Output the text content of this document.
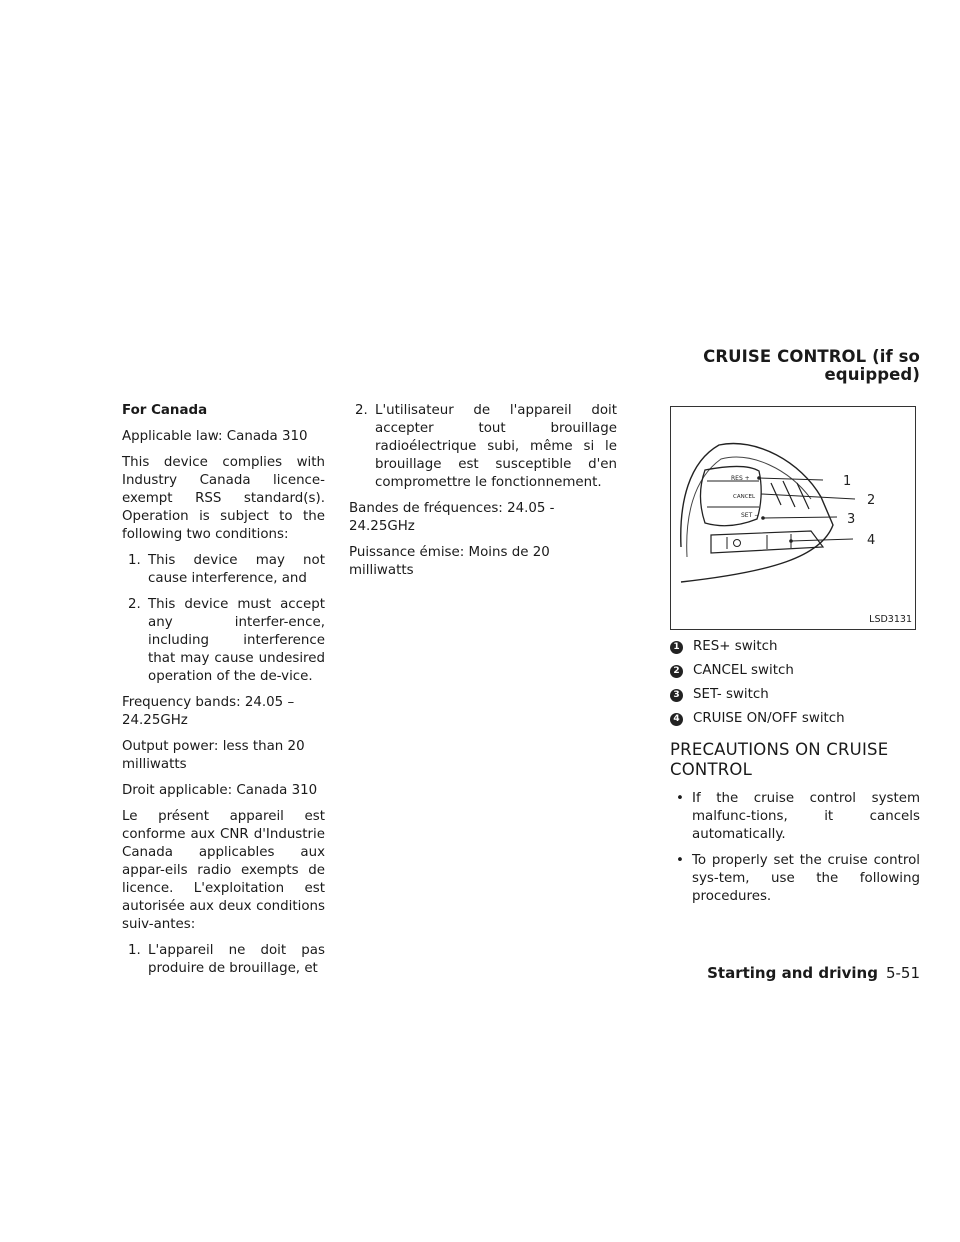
CRUISE CONTROL (if so equipped)

For Canada

Applicable law: Canada 310

This device complies with Industry Canada licence-exempt RSS standard(s). Operation is subject to the following two conditions:

1. This device may not cause interference, and
2. This device must accept any interfer-ence, including interference that may cause undesired operation of the de-vice.

Frequency bands: 24.05 – 24.25GHz

Output power: less than 20 milliwatts

Droit applicable: Canada 310

Le présent appareil est conforme aux CNR d'Industrie Canada applicables aux appar-eils radio exempts de licence. L'exploitation est autorisée aux deux conditions suiv-antes:

1. L'appareil ne doit pas produire de brouillage, et
2. L'utilisateur de l'appareil doit accepter tout brouillage radioélectrique subi, même si le brouillage est susceptible d'en compromettre le fonctionnement.

Bandes de fréquences: 24.05 - 24.25GHz

Puissance émise: Moins de 20 milliwatts

RES +
CANCEL
SET −
1
2
3
4
LSD3131
1 RES+ switch
2 CANCEL switch
3 SET- switch
4 CRUISE ON/OFF switch
PRECAUTIONS ON CRUISE CONTROL
• If the cruise control system malfunc-tions, it cancels automatically.
• To properly set the cruise control sys-tem, use the following procedures.
Starting and driving 5-51
